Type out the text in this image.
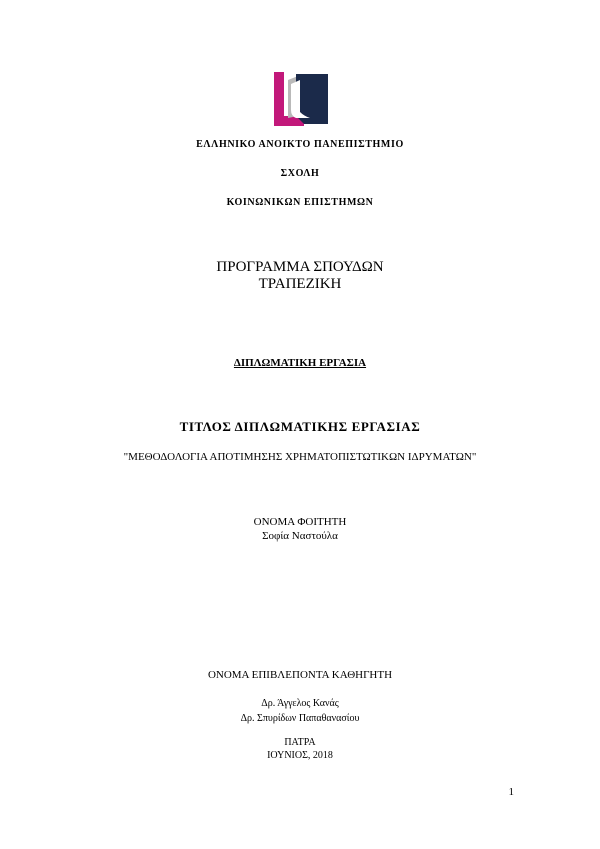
ΕΛΛΗΝΙΚΟ ΑΝΟΙΚΤΟ ΠΑΝΕΠΙΣΤΗΜΙΟ
ΣΧΟΛΗ
ΚΟΙΝΩΝΙΚΩΝ ΕΠΙΣΤΗΜΩΝ
ΠΡΟΓΡΑΜΜΑ ΣΠΟΥΔΩΝ
ΤΡΑΠΕΖΙΚΗ
ΔΙΠΛΩΜΑΤΙΚΗ ΕΡΓΑΣΙΑ
ΤΙΤΛΟΣ ΔΙΠΛΩΜΑΤΙΚΗΣ ΕΡΓΑΣΙΑΣ
"ΜΕΘΟΔΟΛΟΓΙΑ ΑΠΟΤΙΜΗΣΗΣ ΧΡΗΜΑΤΟΠΙΣΤΩΤΙΚΩΝ ΙΔΡΥΜΑΤΩΝ"
ΟΝΟΜΑ ΦΟΙΤΗΤΗ
Σοφία Ναστούλα
ΟΝΟΜΑ ΕΠΙΒΛΕΠΟΝΤΑ ΚΑΘΗΓΗΤΗ
Δρ. Άγγελος Κανάς
Δρ. Σπυρίδων Παπαθανασίου
ΠΑΤΡΑ
ΙΟΥΝΙΟΣ, 2018
1
